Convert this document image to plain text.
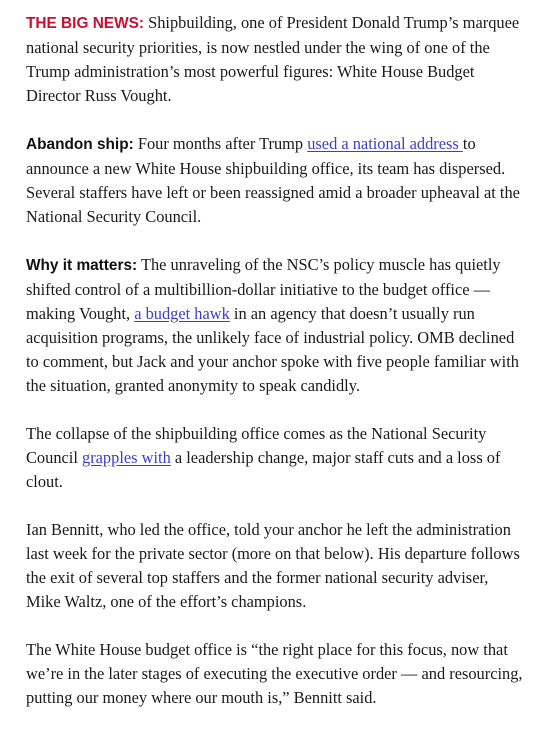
THE BIG NEWS: Shipbuilding, one of President Donald Trump’s marquee national security priorities, is now nestled under the wing of one of the Trump administration’s most powerful figures: White House Budget Director Russ Vought.

Abandon ship: Four months after Trump used a national address to announce a new White House shipbuilding office, its team has dispersed. Several staffers have left or been reassigned amid a broader upheaval at the National Security Council.

Why it matters: The unraveling of the NSC’s policy muscle has quietly shifted control of a multibillion-dollar initiative to the budget office — making Vought, a budget hawk in an agency that doesn’t usually run acquisition programs, the unlikely face of industrial policy. OMB declined to comment, but Jack and your anchor spoke with five people familiar with the situation, granted anonymity to speak candidly.

The collapse of the shipbuilding office comes as the National Security Council grapples with a leadership change, major staff cuts and a loss of clout.

Ian Bennitt, who led the office, told your anchor he left the administration last week for the private sector (more on that below). His departure follows the exit of several top staffers and the former national security adviser, Mike Waltz, one of the effort’s champions.

The White House budget office is “the right place for this focus, now that we’re in the later stages of executing the executive order — and resourcing, putting our money where our mouth is,” Bennitt said.
